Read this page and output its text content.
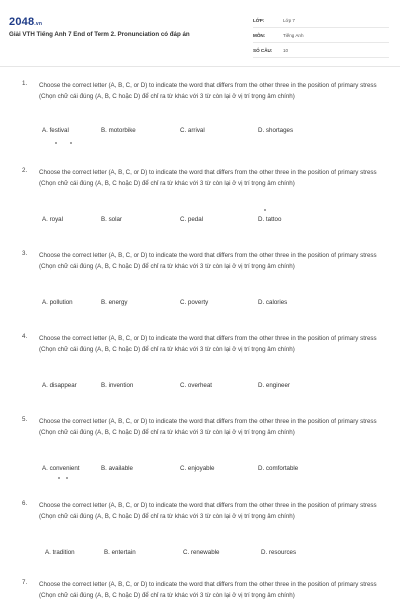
2048.vn
Giải VTH Tiếng Anh 7 End of Term 2. Pronunciation có đáp án
LỚP:	Lớp 7
MÔN:	Tiếng Anh
SỐ CÂU: 10
1. Choose the correct letter (A, B, C, or D) to indicate the word that differs from the other three in the position of primary stress (Chọn chữ cái đúng (A, B, C hoặc D) để chỉ ra từ khác với 3 từ còn lại ở vị trí trọng âm chính)
A. festival	B. motorbike	C. arrival	D. shortages
2. Choose the correct letter (A, B, C, or D) to indicate the word that differs from the other three in the position of primary stress (Chọn chữ cái đúng (A, B, C hoặc D) để chỉ ra từ khác với 3 từ còn lại ở vị trí trọng âm chính)
A. royal	B. solar	C. pedal	D. tattoo
3. Choose the correct letter (A, B, C, or D) to indicate the word that differs from the other three in the position of primary stress (Chọn chữ cái đúng (A, B, C hoặc D) để chỉ ra từ khác với 3 từ còn lại ở vị trí trọng âm chính)
A. pollution	B. energy	C. poverty	D. calories
4. Choose the correct letter (A, B, C, or D) to indicate the word that differs from the other three in the position of primary stress (Chọn chữ cái đúng (A, B, C hoặc D) để chỉ ra từ khác với 3 từ còn lại ở vị trí trọng âm chính)
A. disappear	B. invention	C. overheat	D. engineer
5. Choose the correct letter (A, B, C, or D) to indicate the word that differs from the other three in the position of primary stress (Chọn chữ cái đúng (A, B, C hoặc D) để chỉ ra từ khác với 3 từ còn lại ở vị trí trọng âm chính)
A. convenient	B. available	C. enjoyable	D. comfortable
6. Choose the correct letter (A, B, C, or D) to indicate the word that differs from the other three in the position of primary stress (Chọn chữ cái đúng (A, B, C hoặc D) để chỉ ra từ khác với 3 từ còn lại ở vị trí trọng âm chính)
A. tradition	B. entertain	C. renewable	D. resources
7. Choose the correct letter (A, B, C, or D) to indicate the word that differs from the other three in the position of primary stress (Chọn chữ cái đúng (A, B, C hoặc D) để chỉ ra từ khác với 3 từ còn lại ở vị trí trọng âm chính)
